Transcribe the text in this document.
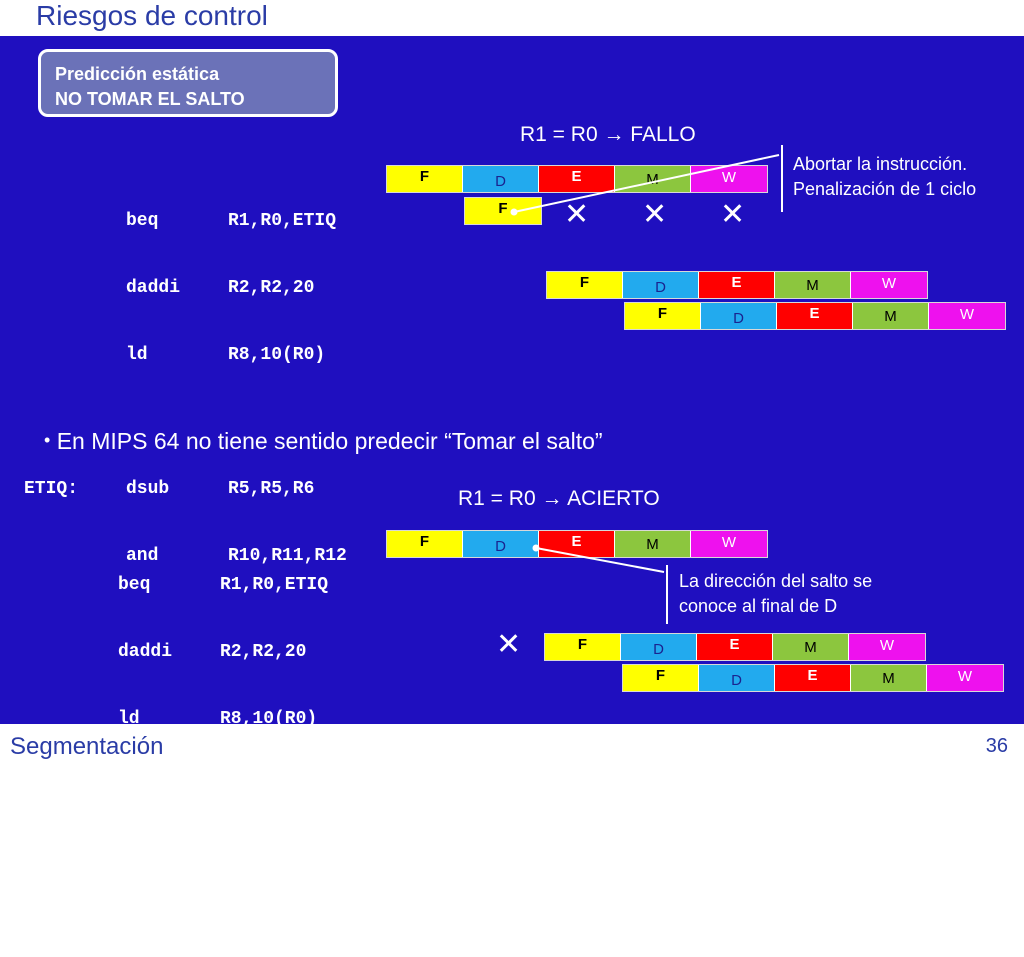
Riesgos de control
Predicción estática
NO TOMAR EL SALTO
R1 = R0 → FALLO

beq	R1,R0,ETIQ

daddi	R2,R2,20

ld	R8,10(R0)

ETIQ:	dsub	R5,R5,R6

and	R10,R11,R12

F	D	E	M	W
F	✕ ✕ ✕
F	D	E	M	W
F	D	E	M	W
Abortar la instrucción.
Penalización de 1 ciclo
• En MIPS 64 no tiene sentido predecir “Tomar el salto”
R1 = R0 → ACIERTO

beq	R1,R0,ETIQ

daddi	R2,R2,20

ld	R8,10(R0)

ETIQ:	dsub	R5,R5,R6

and	R10,R11,R12

F	D	E	M	W
✕	F	D	E	M	W
F	D	E	M	W
La dirección del salto se
conoce al final de D
Segmentación	36
